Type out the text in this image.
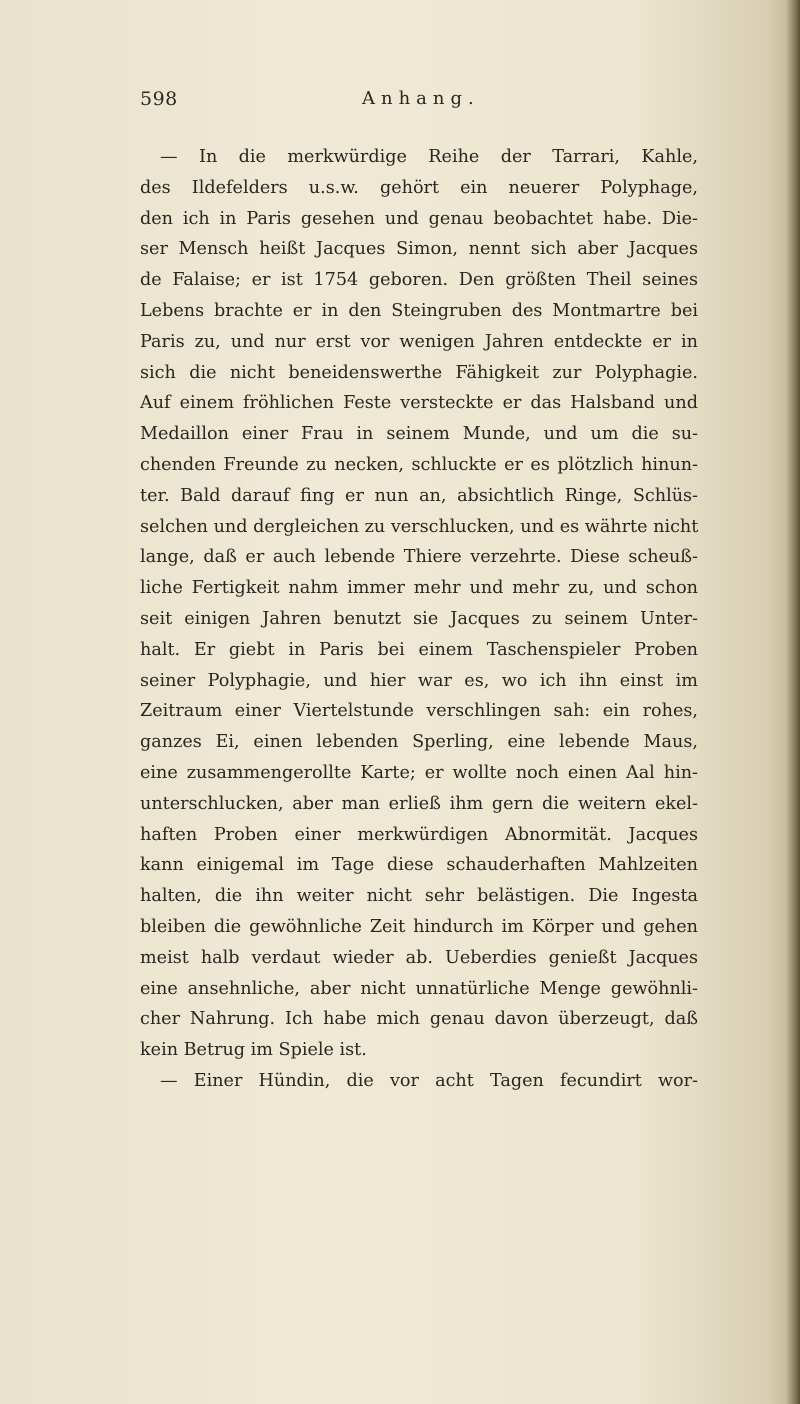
598	Anhang.
— In die merkwürdige Reihe der Tarrari, Kahle,
des Ildefelders u.s.w. gehört ein neuerer Polyphage,
den ich in Paris gesehen und genau beobachtet habe. Die-
ser Mensch heißt Jacques Simon, nennt sich aber Jacques
de Falaise; er ist 1754 geboren. Den größten Theil seines
Lebens brachte er in den Steingruben des Montmartre bei
Paris zu, und nur erst vor wenigen Jahren entdeckte er in
sich die nicht beneidenswerthe Fähigkeit zur Polyphagie.
Auf einem fröhlichen Feste versteckte er das Halsband und
Medaillon einer Frau in seinem Munde, und um die su-
chenden Freunde zu necken, schluckte er es plötzlich hinun-
ter. Bald darauf fing er nun an, absichtlich Ringe, Schlüs-
selchen und dergleichen zu verschlucken, und es währte nicht
lange, daß er auch lebende Thiere verzehrte. Diese scheuß-
liche Fertigkeit nahm immer mehr und mehr zu, und schon
seit einigen Jahren benutzt sie Jacques zu seinem Unter-
halt. Er giebt in Paris bei einem Taschenspieler Proben
seiner Polyphagie, und hier war es, wo ich ihn einst im
Zeitraum einer Viertelstunde verschlingen sah: ein rohes,
ganzes Ei, einen lebenden Sperling, eine lebende Maus,
eine zusammengerollte Karte; er wollte noch einen Aal hin-
unterschlucken, aber man erließ ihm gern die weitern ekel-
haften Proben einer merkwürdigen Abnormität. Jacques
kann einigemal im Tage diese schauderhaften Mahlzeiten
halten, die ihn weiter nicht sehr belästigen. Die Ingesta
bleiben die gewöhnliche Zeit hindurch im Körper und gehen
meist halb verdaut wieder ab. Ueberdies genießt Jacques
eine ansehnliche, aber nicht unnatürliche Menge gewöhnli-
cher Nahrung. Ich habe mich genau davon überzeugt, daß
kein Betrug im Spiele ist.
— Einer Hündin, die vor acht Tagen fecundirt wor-
